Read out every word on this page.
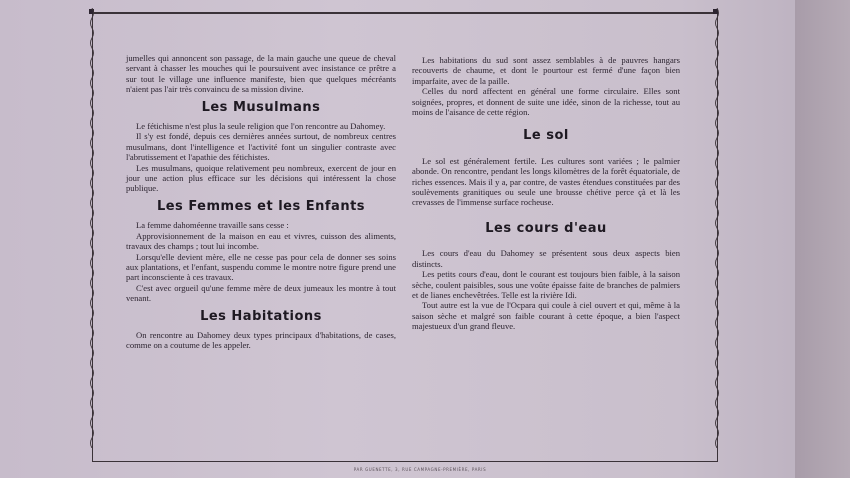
jumelles qui annoncent son passage, de la main gauche une queue de cheval servant à chasser les mouches qui le poursuivent avec insistance ce prêtre a sur tout le village une influence manifeste, bien que quelques mécréants n'aient pas l'air très convaincu de sa mission divine.

Les Musulmans

Le fétichisme n'est plus la seule religion que l'on rencontre au Dahomey.

Il s'y est fondé, depuis ces dernières années surtout, de nombreux centres musulmans, dont l'intelligence et l'activité font un singulier contraste avec l'abrutissement et l'apathie des fétichistes.

Les musulmans, quoique relativement peu nombreux, exercent de jour en jour une action plus efficace sur les décisions qui intéressent la chose publique.

Les Femmes et les Enfants

La femme dahoméenne travaille sans cesse :

Approvisionnement de la maison en eau et vivres, cuisson des aliments, travaux des champs ; tout lui incombe.

Lorsqu'elle devient mère, elle ne cesse pas pour cela de donner ses soins aux plantations, et l'enfant, suspendu comme le montre notre figure prend une part inconsciente à ces travaux.

C'est avec orgueil qu'une femme mère de deux jumeaux les montre à tout venant.

Les Habitations

On rencontre au Dahomey deux types principaux d'habitations, de cases, comme on a coutume de les appeler.

Les habitations du sud sont assez semblables à de pauvres hangars recouverts de chaume, et dont le pourtour est fermé d'une façon bien imparfaite, avec de la paille.

Celles du nord affectent en général une forme circulaire. Elles sont soignées, propres, et donnent de suite une idée, sinon de la richesse, tout au moins de l'aisance de cette région.

Le sol

Le sol est généralement fertile. Les cultures sont variées ; le palmier abonde. On rencontre, pendant les longs kilomètres de la forêt équatoriale, de riches essences. Mais il y a, par contre, de vastes étendues constituées par des soulèvements granitiques ou seule une brousse chétive perce çà et là les crevasses de l'immense surface rocheuse.

Les cours d'eau

Les cours d'eau du Dahomey se présentent sous deux aspects bien distincts.

Les petits cours d'eau, dont le courant est toujours bien faible, à la saison sèche, coulent paisibles, sous une voûte épaisse faite de branches de palmiers et de lianes enchevêtrées. Telle est la rivière Idi.

Tout autre est la vue de l'Ocpara qui coule à ciel ouvert et qui, même à la saison sèche et malgré son faible courant à cette époque, a bien l'aspect majestueux d'un grand fleuve.

PAR GUENETTE, 3, RUE CAMPAGNE-PREMIÈRE, PARIS
